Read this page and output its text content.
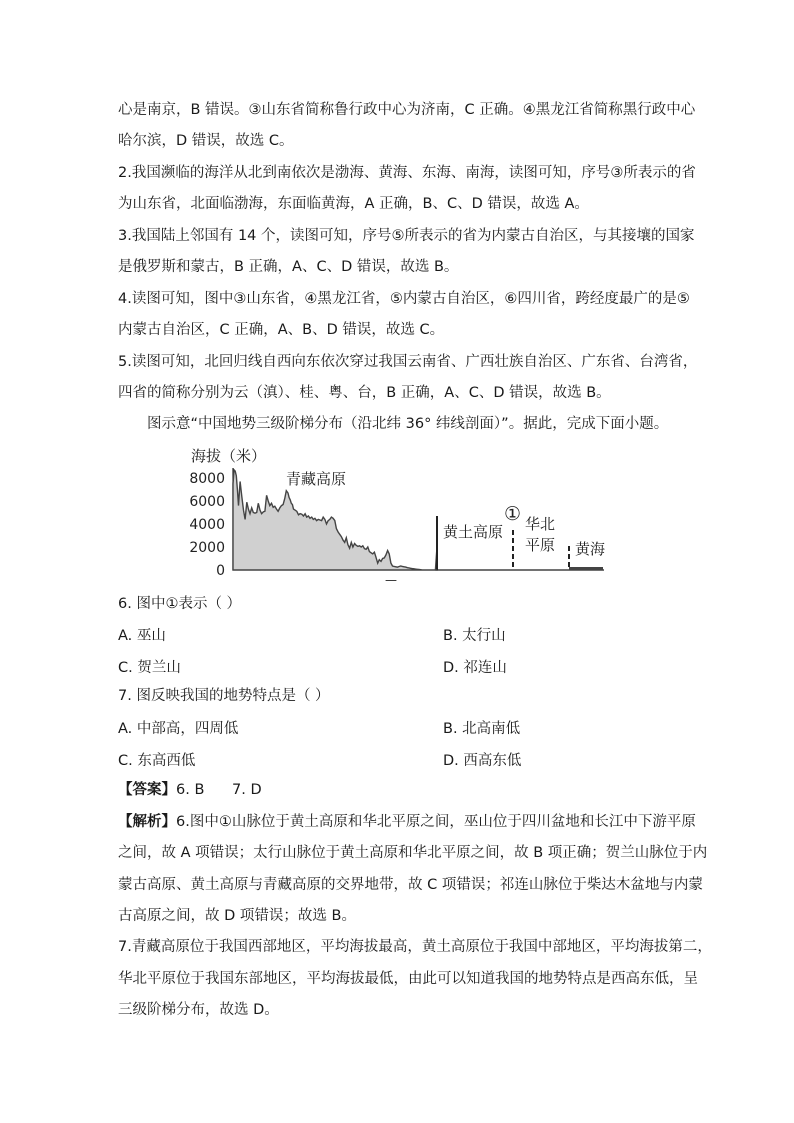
心是南京，B 错误。③山东省简称鲁行政中心为济南，C 正确。④黑龙江省简称黑行政中心
哈尔滨，D 错误，故选 C。
2.我国濒临的海洋从北到南依次是渤海、黄海、东海、南海，读图可知，序号③所表示的省
为山东省，北面临渤海，东面临黄海，A 正确，B、C、D 错误，故选 A。
3.我国陆上邻国有 14 个，读图可知，序号⑤所表示的省为内蒙古自治区，与其接壤的国家
是俄罗斯和蒙古，B 正确，A、C、D 错误，故选 B。
4.读图可知，图中③山东省，④黑龙江省，⑤内蒙古自治区，⑥四川省，跨经度最广的是⑤
内蒙古自治区，C 正确，A、B、D 错误，故选 C。
5.读图可知，北回归线自西向东依次穿过我国云南省、广西壮族自治区、广东省、台湾省，
四省的简称分别为云（滇）、桂、粤、台，B 正确，A、C、D 错误，故选 B。
图示意“中国地势三级阶梯分布（沿北纬 36° 纬线剖面）”。据此，完成下面小题。
海拔（米）
8000
6000
4000
2000
0
青藏高原
黄土高原
① 华北
平原 黄海
—
6. 图中①表示（ ）
A. 巫山	B. 太行山
C. 贺兰山	D. 祁连山
7. 图反映我国的地势特点是（ ）
A. 中部高，四周低	B. 北高南低
C. 东高西低	D. 西高东低
【答案】6. B      7. D
【解析】6.图中①山脉位于黄土高原和华北平原之间，巫山位于四川盆地和长江中下游平原
之间，故 A 项错误；太行山脉位于黄土高原和华北平原之间，故 B 项正确；贺兰山脉位于内
蒙古高原、黄土高原与青藏高原的交界地带，故 C 项错误；祁连山脉位于柴达木盆地与内蒙
古高原之间，故 D 项错误；故选 B。
7.青藏高原位于我国西部地区，平均海拔最高，黄土高原位于我国中部地区，平均海拔第二，
华北平原位于我国东部地区，平均海拔最低，由此可以知道我国的地势特点是西高东低，呈
三级阶梯分布，故选 D。
